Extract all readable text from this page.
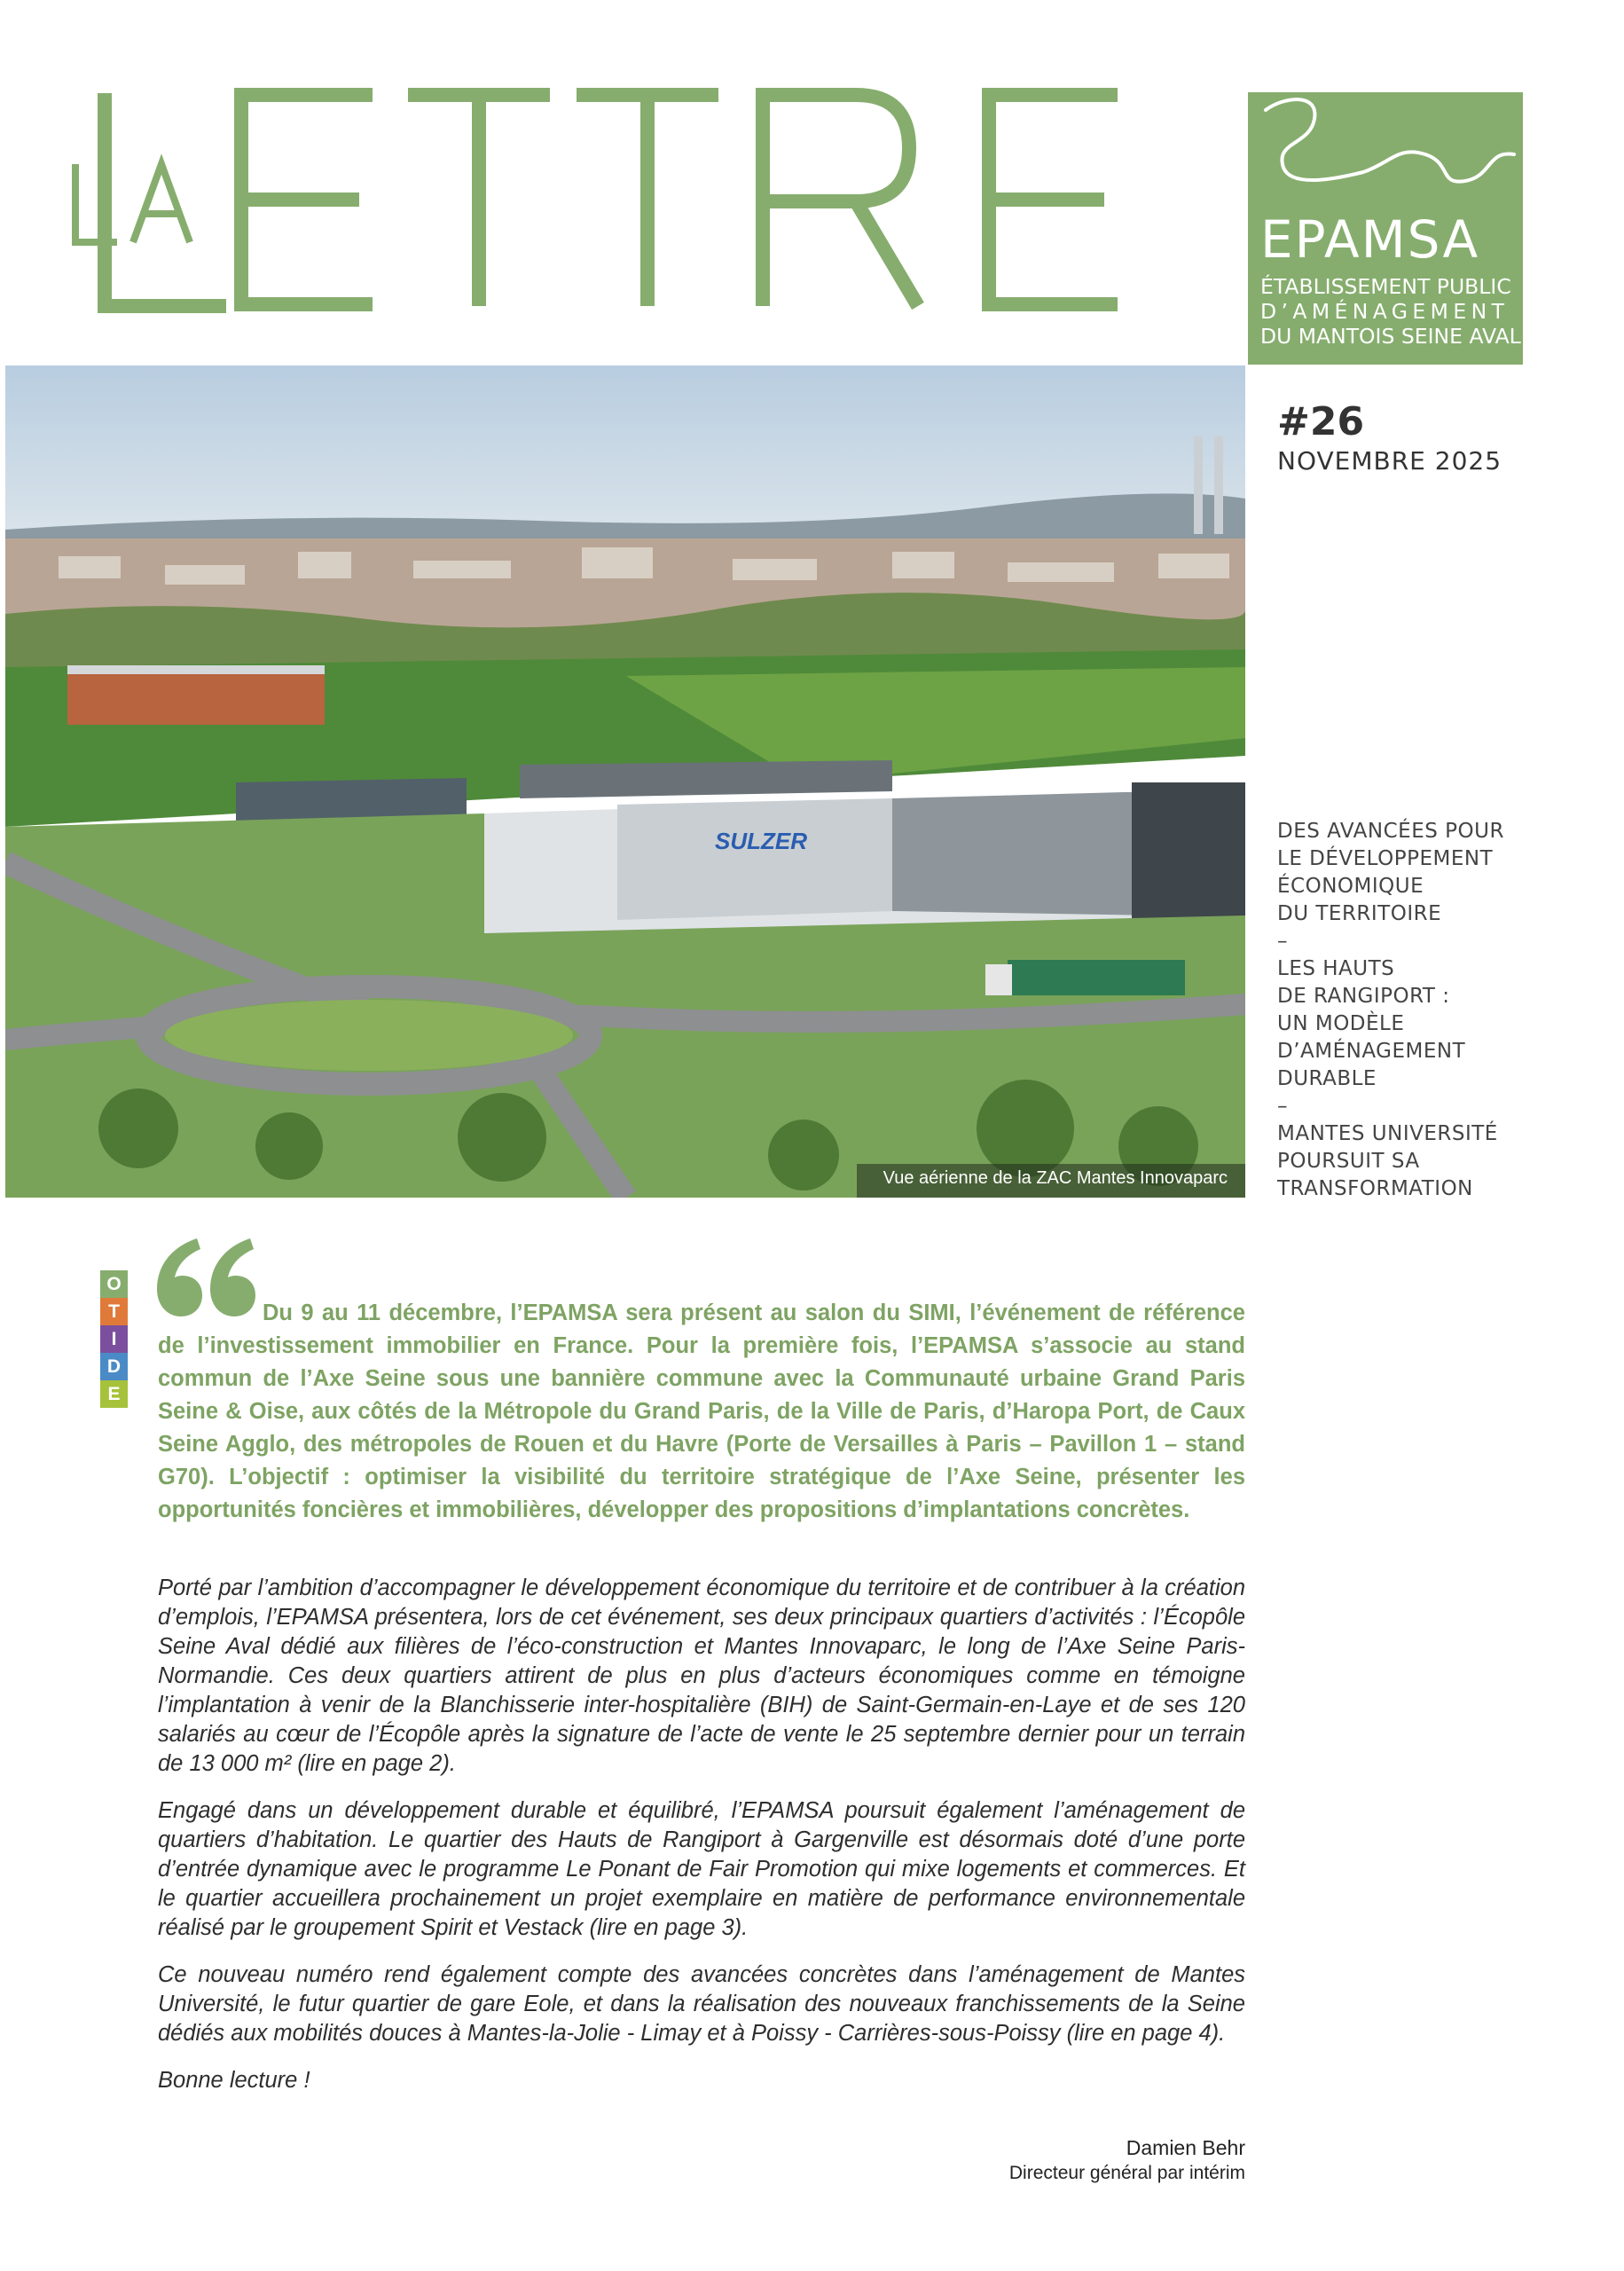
EPAMSA
ÉTABLISSEMENT PUBLIC
D’AMÉNAGEMENT
DU MANTOIS SEINE AVAL
#26
NOVEMBRE 2025
SULZER
Vue aérienne de la ZAC Mantes Innovaparc
DES AVANCÉES POUR
LE DÉVELOPPEMENT
ÉCONOMIQUE
DU TERRITOIRE
–
LES HAUTS
DE RANGIPORT :
UN MODÈLE
D’AMÉNAGEMENT
DURABLE
–
MANTES UNIVERSITÉ
POURSUIT SA
TRANSFORMATION
O
T
I
D
E
Du 9 au 11 décembre, l’EPAMSA sera présent au salon du SIMI, l’événement de référence de l’investissement immobilier en France. Pour la première fois, l’EPAMSA s’associe au stand commun de l’Axe Seine sous une bannière commune avec la Communauté urbaine Grand Paris Seine & Oise, aux côtés de la Métropole du Grand Paris, de la Ville de Paris, d’Haropa Port, de Caux Seine Agglo, des métropoles de Rouen et du Havre (Porte de Versailles à Paris – Pavillon 1 – stand G70). L’objectif : optimiser la visibilité du territoire stratégique de l’Axe Seine, présenter les opportunités foncières et immobilières, développer des propositions d’implantations concrètes.

Porté par l’ambition d’accompagner le développement économique du territoire et de contribuer à la création d’emplois, l’EPAMSA présentera, lors de cet événement, ses deux principaux quartiers d’activités : l’Écopôle Seine Aval dédié aux filières de l’éco-construction et Mantes Innovaparc, le long de l’Axe Seine Paris-Normandie. Ces deux quartiers attirent de plus en plus d’acteurs économiques comme en témoigne l’implantation à venir de la Blanchisserie inter-hospitalière (BIH) de Saint-Germain-en-Laye et de ses 120 salariés au cœur de l’Écopôle après la signature de l’acte de vente le 25 septembre dernier pour un terrain de 13 000 m² (lire en page 2).

Engagé dans un développement durable et équilibré, l’EPAMSA poursuit également l’aménagement de quartiers d’habitation. Le quartier des Hauts de Rangiport à Gargenville est désormais doté d’une porte d’entrée dynamique avec le programme Le Ponant de Fair Promotion qui mixe logements et commerces. Et le quartier accueillera prochainement un projet exemplaire en matière de performance environnementale réalisé par le groupement Spirit et Vestack (lire en page 3).

Ce nouveau numéro rend également compte des avancées concrètes dans l’aménagement de Mantes Université, le futur quartier de gare Eole, et dans la réalisation des nouveaux franchissements de la Seine dédiés aux mobilités douces à Mantes-la-Jolie - Limay et à Poissy - Carrières-sous-Poissy (lire en page 4).

Bonne lecture !

Damien Behr
Directeur général par intérim
